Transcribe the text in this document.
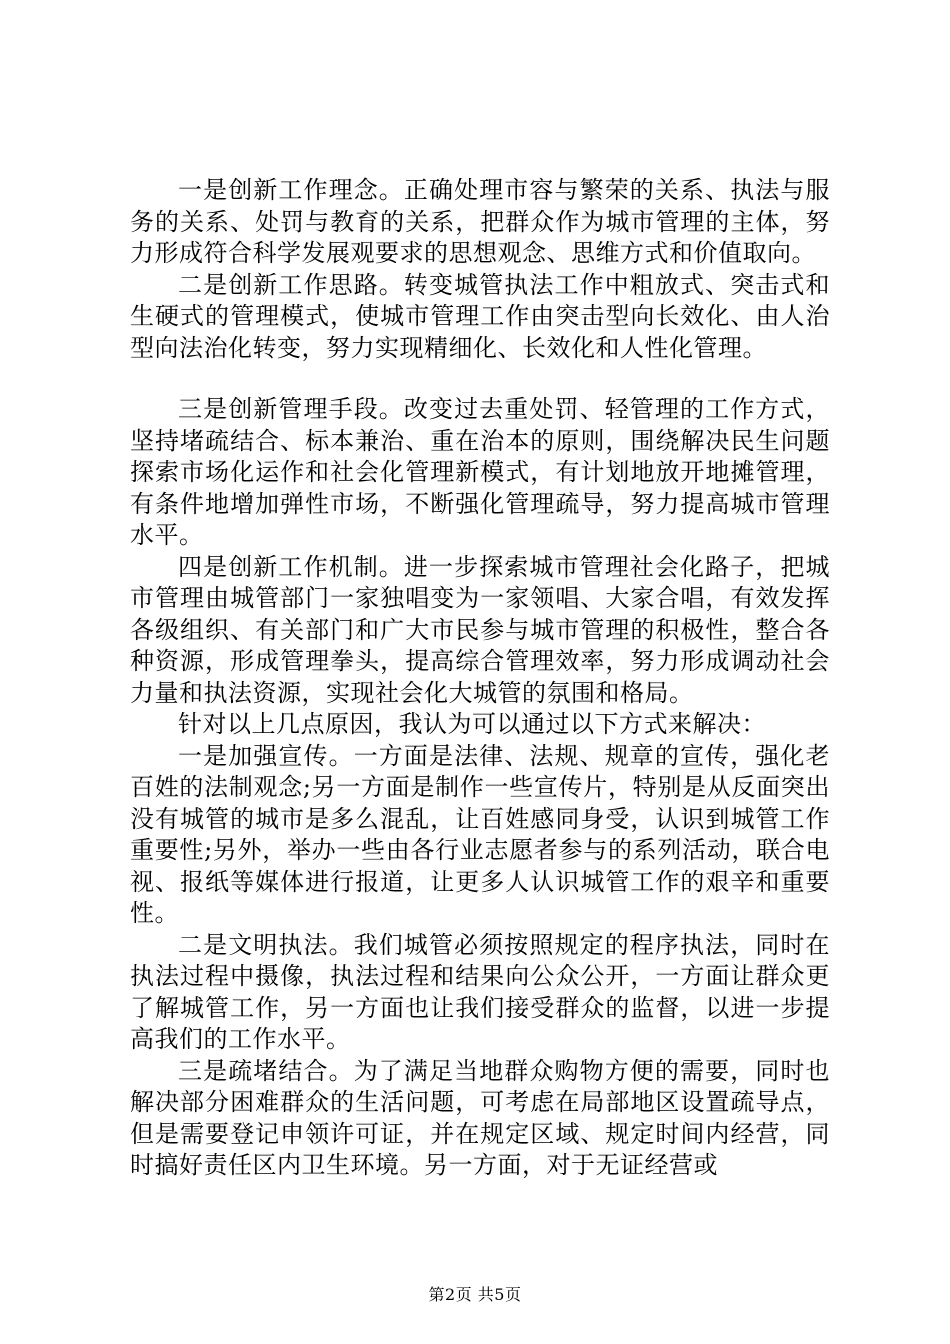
一是创新工作理念。正确处理市容与繁荣的关系、执法与服务的关系、处罚与教育的关系，把群众作为城市管理的主体，努力形成符合科学发展观要求的思想观念、思维方式和价值取向。

二是创新工作思路。转变城管执法工作中粗放式、突击式和生硬式的管理模式，使城市管理工作由突击型向长效化、由人治型向法治化转变，努力实现精细化、长效化和人性化管理。

三是创新管理手段。改变过去重处罚、轻管理的工作方式，坚持堵疏结合、标本兼治、重在治本的原则，围绕解决民生问题探索市场化运作和社会化管理新模式，有计划地放开地摊管理，有条件地增加弹性市场，不断强化管理疏导，努力提高城市管理水平。

四是创新工作机制。进一步探索城市管理社会化路子，把城市管理由城管部门一家独唱变为一家领唱、大家合唱，有效发挥各级组织、有关部门和广大市民参与城市管理的积极性，整合各种资源，形成管理拳头，提高综合管理效率，努力形成调动社会力量和执法资源，实现社会化大城管的氛围和格局。

针对以上几点原因，我认为可以通过以下方式来解决：

一是加强宣传。一方面是法律、法规、规章的宣传，强化老百姓的法制观念;另一方面是制作一些宣传片，特别是从反面突出没有城管的城市是多么混乱，让百姓感同身受，认识到城管工作重要性;另外，举办一些由各行业志愿者参与的系列活动，联合电视、报纸等媒体进行报道，让更多人认识城管工作的艰辛和重要性。

二是文明执法。我们城管必须按照规定的程序执法，同时在执法过程中摄像，执法过程和结果向公众公开，一方面让群众更了解城管工作，另一方面也让我们接受群众的监督，以进一步提高我们的工作水平。

三是疏堵结合。为了满足当地群众购物方便的需要，同时也解决部分困难群众的生活问题，可考虑在局部地区设置疏导点，但是需要登记申领许可证，并在规定区域、规定时间内经营，同时搞好责任区内卫生环境。另一方面，对于无证经营或

第2页 共5页
